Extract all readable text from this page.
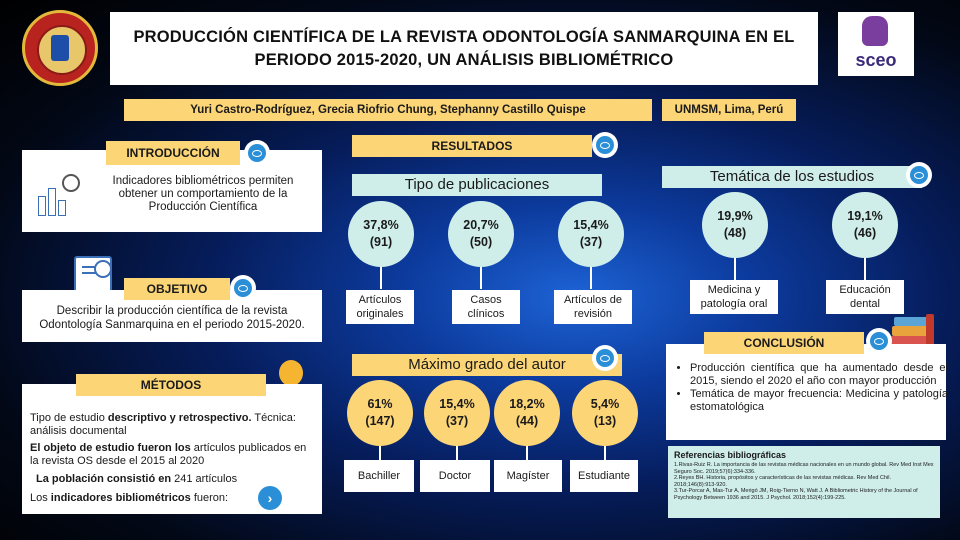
PRODUCCIÓN CIENTÍFICA DE LA REVISTA ODONTOLOGÍA SANMARQUINA EN EL
PERIODO 2015-2020, UN ANÁLISIS BIBLIOMÉTRICO	sceo
Yuri Castro-Rodríguez, Grecia Riofrio Chung, Stephanny Castillo Quispe	UNMSM, Lima, Perú
Indicadores bibliométricos permiten obtener un comportamiento de la Producción Científica
INTRODUCCIÓN
Describir la producción científica de la revista Odontología Sanmarquina en el periodo 2015-2020.
OBJETIVO
Tipo de estudio descriptivo y retrospectivo. Técnica: análisis documental
El objeto de estudio fueron los artículos publicados en la revista OS desde el 2015 al 2020
La población consistió en 241 artículos
Los indicadores bibliométricos fueron:	›
MÉTODOS
RESULTADOS
Tipo de publicaciones
37,8%
(91)
Artículos originales
20,7%
(50)
Casos clínicos
15,4%
(37)
Artículos de revisión
Máximo grado del autor
61%
(147)
Bachiller
15,4%
(37)
Doctor
18,2%
(44)
Magíster
5,4%
(13)
Estudiante
Temática de los estudios
19,9%
(48)
Medicina y patología oral
19,1%
(46)
Educación dental
• Producción científica que ha aumentado desde el 2015, siendo el 2020 el año con mayor producción
• Temática de mayor frecuencia: Medicina y patología estomatológica
CONCLUSIÓN
Referencias bibliográficas
1.Rivas-Ruiz R. La importancia de las revistas médicas nacionales en un mundo global. Rev Med Inst Mex Seguro Soc. 2019;57(6):334-336.
2.Reyes BH. Historia, propósitos y características de las revistas médicas. Rev Med Chil. 2018;146(8):913-920.
3.Tur-Porcar A, Mas-Tur A, Merigó JM, Roig-Tierno N, Watt J. A Bibliometric History of the Journal of Psychology Between 1936 and 2015. J Psychol. 2018;152(4):199-225.
